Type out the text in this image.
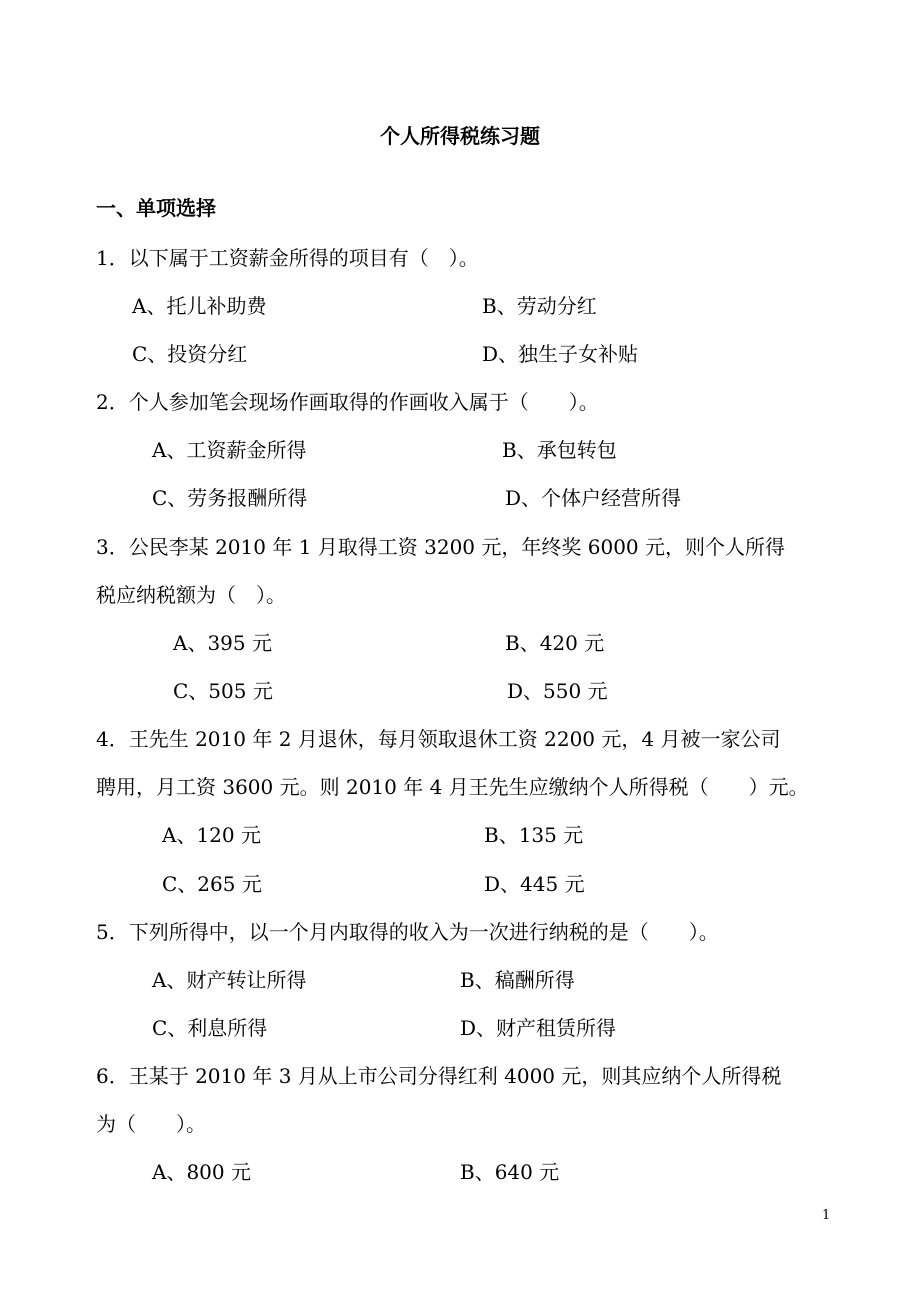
个人所得税练习题
一、单项选择
1．以下属于工资薪金所得的项目有（　）。
A、托儿补助费	B、劳动分红
C、投资分红	D、独生子女补贴
2．个人参加笔会现场作画取得的作画收入属于（　　）。
A、工资薪金所得	B、承包转包
C、劳务报酬所得	D、个体户经营所得
3．公民李某 2010 年 1 月取得工资 3200 元，年终奖 6000 元，则个人所得
税应纳税额为（　）。
A、395 元	B、420 元
C、505 元	D、550 元
4．王先生 2010 年 2 月退休，每月领取退休工资 2200 元，4 月被一家公司
聘用，月工资 3600 元。则 2010 年 4 月王先生应缴纳个人所得税（　　）元。
A、120 元	B、135 元
C、265 元	D、445 元
5．下列所得中，以一个月内取得的收入为一次进行纳税的是（　　）。
A、财产转让所得	B、稿酬所得
C、利息所得	D、财产租赁所得
6．王某于 2010 年 3 月从上市公司分得红利 4000 元，则其应纳个人所得税
为（　　）。
A、800 元	B、640 元
1
